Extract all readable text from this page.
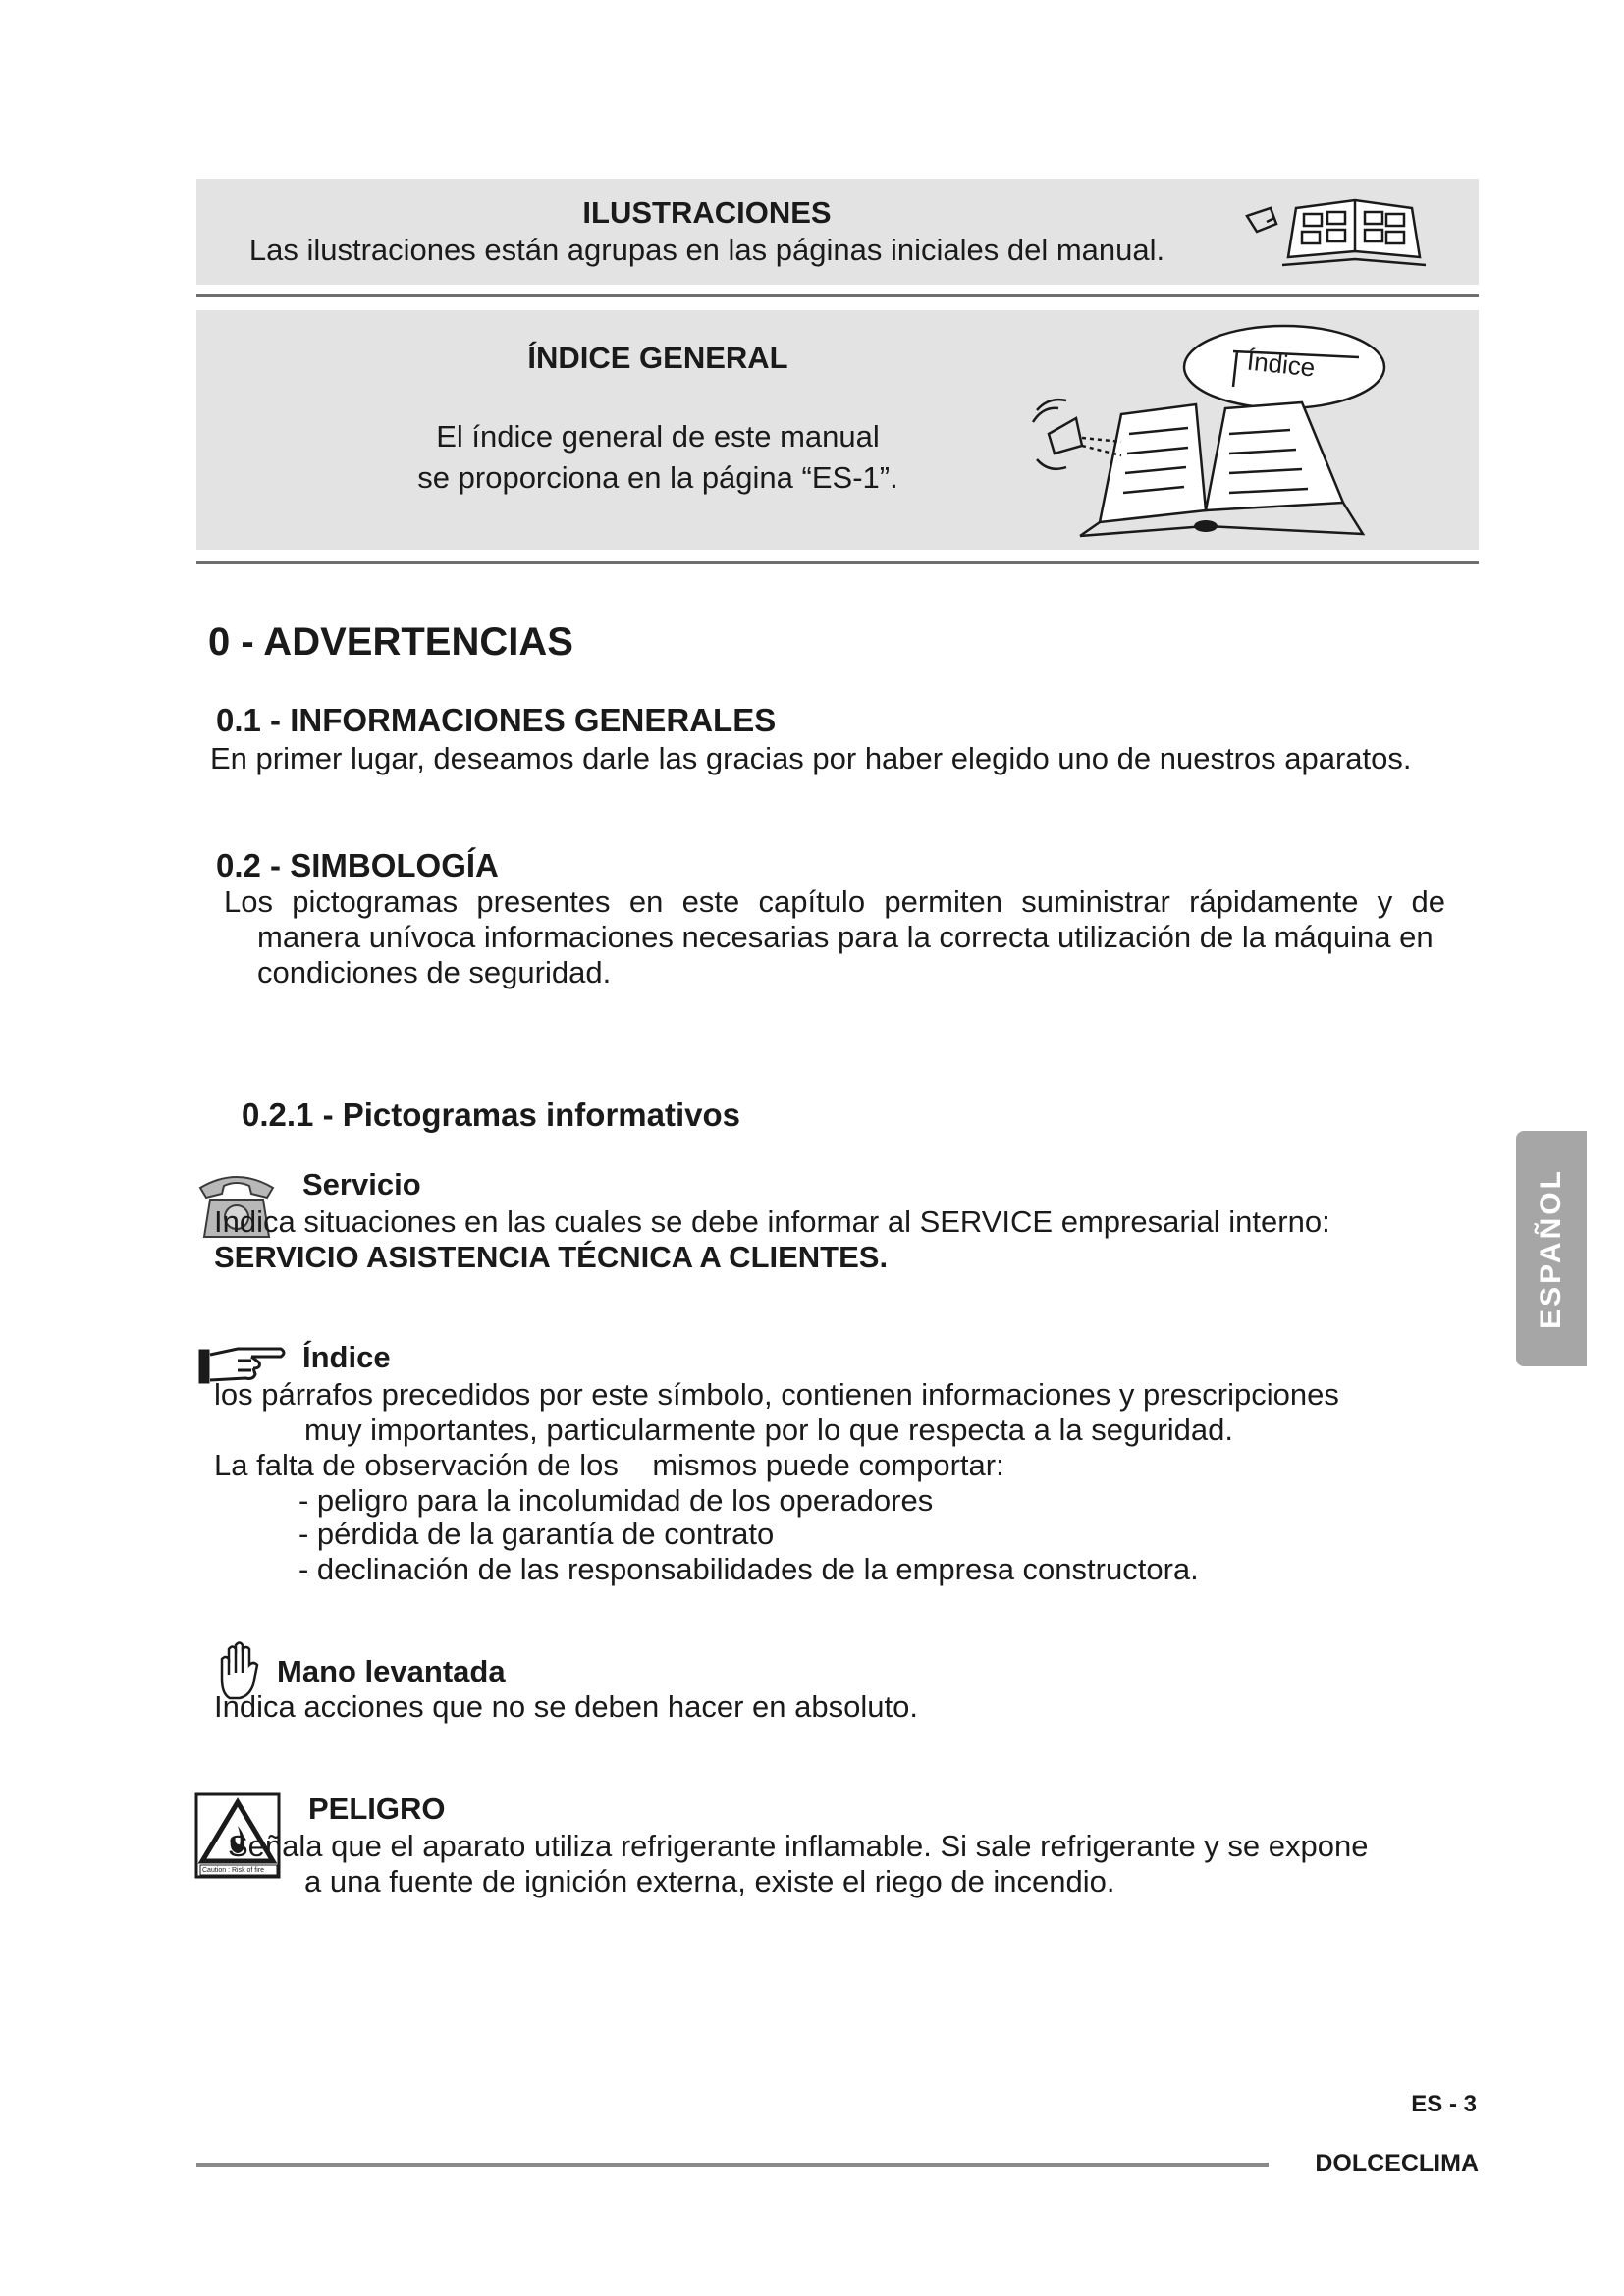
ILUSTRACIONES
Las ilustraciones están agrupas en las páginas iniciales del manual.
ÍNDICE GENERAL
El índice general de este manual
se proporciona en la página “ES-1”.
Índice
0 - ADVERTENCIAS
0.1 - INFORMACIONES GENERALES
En primer lugar, deseamos darle las gracias por haber elegido uno de nuestros aparatos.
0.2 - SIMBOLOGÍA
Los pictogramas presentes en este capítulo permiten suministrar rápidamente y de
manera unívoca informaciones necesarias para la correcta utilización de la máquina en
condiciones de seguridad.
0.2.1 - Pictogramas informativos
Servicio
Indica situaciones en las cuales se debe informar al SERVICE empresarial interno:
SERVICIO ASISTENCIA TÉCNICA A CLIENTES.
Índice
los párrafos precedidos por este símbolo, contienen informaciones y prescripciones
muy importantes, particularmente por lo que respecta a la seguridad.
La falta de observación de los    mismos puede comportar:
- peligro para la incolumidad de los operadores
- pérdida de la garantía de contrato
- declinación de las responsabilidades de la empresa constructora.
Mano levantada
Indica acciones que no se deben hacer en absoluto.
Caution : Risk of fire
PELIGRO
Señala que el aparato utiliza refrigerante inflamable. Si sale refrigerante y se expone
a una fuente de ignición externa, existe el riego de incendio.
ESPAÑOL
ES - 3
DOLCECLIMA
